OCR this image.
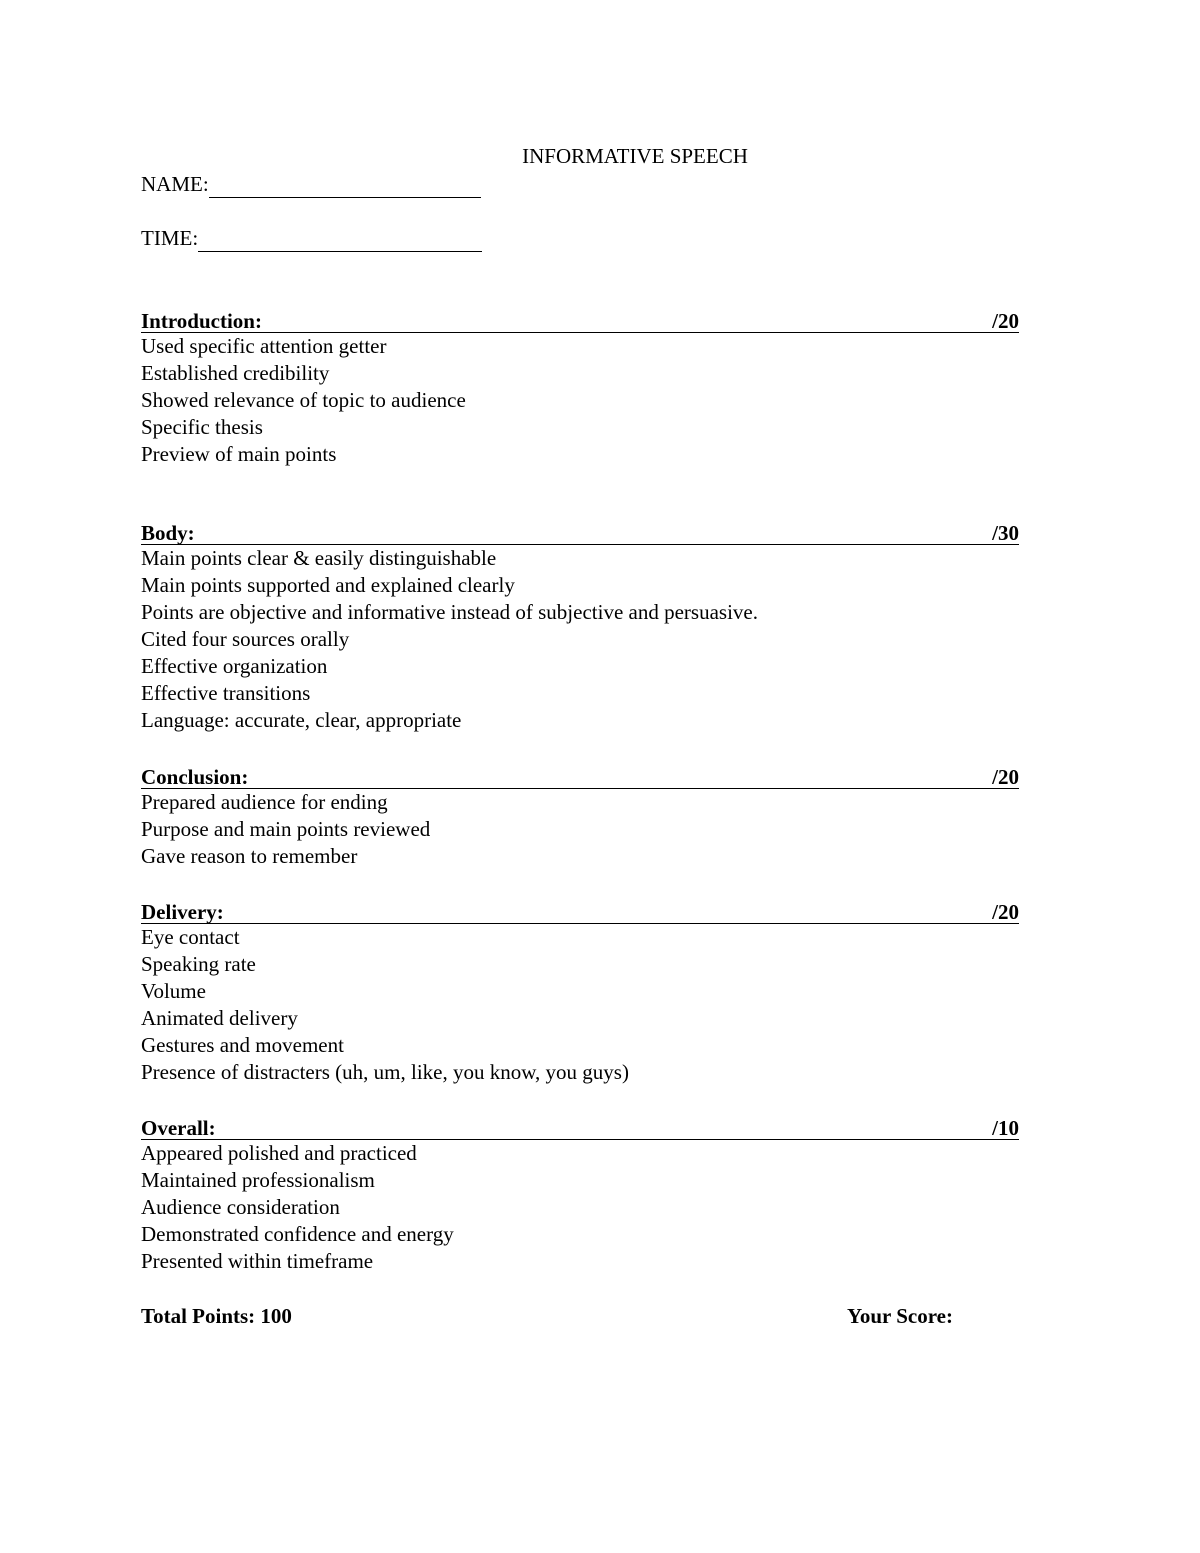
INFORMATIVE SPEECH
NAME:
TIME:
Introduction:	/20
Used specific attention getter
Established credibility
Showed relevance of topic to audience
Specific thesis
Preview of main points
Body:	/30
Main points clear & easily distinguishable
Main points supported and explained clearly
Points are objective and informative instead of subjective and persuasive.
Cited four sources orally
Effective organization
Effective transitions
Language: accurate, clear, appropriate
Conclusion:	/20
Prepared audience for ending
Purpose and main points reviewed
Gave reason to remember
Delivery:	/20
Eye contact
Speaking rate
Volume
Animated delivery
Gestures and movement
Presence of distracters (uh, um, like, you know, you guys)
Overall:	/10
Appeared polished and practiced
Maintained professionalism
Audience consideration
Demonstrated confidence and energy
Presented within timeframe
Total Points: 100	Your Score:
